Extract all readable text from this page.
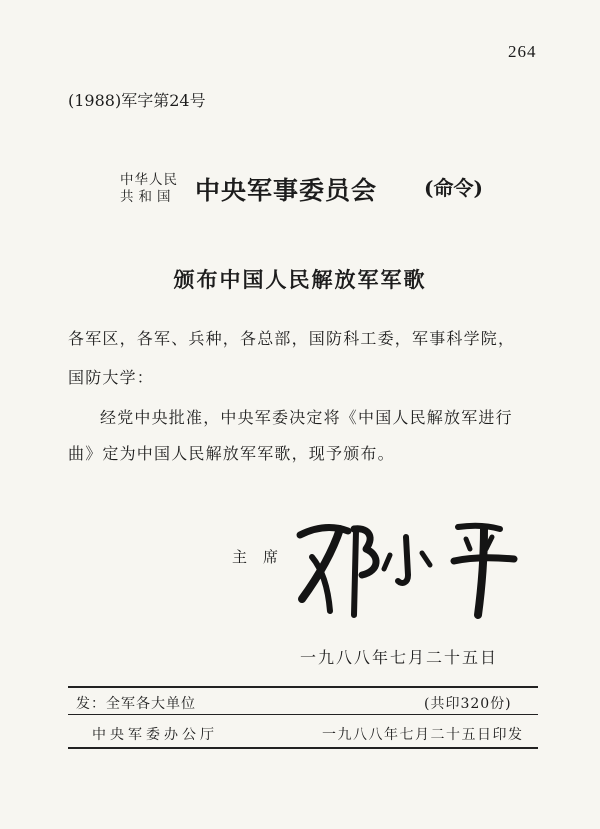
264
(1988)军字第24号
中华人民
共和国 中央军事委员会 (命令)
颁布中国人民解放军军歌
各军区，各军、兵种，各总部，国防科工委，军事科学院，
国防大学：
经党中央批准，中央军委决定将《中国人民解放军进行
曲》定为中国人民解放军军歌，现予颁布。
主席
一九八八年七月二十五日
发：全军各大单位	(共印320份)
中央军委办公厅	一九八八年七月二十五日印发
